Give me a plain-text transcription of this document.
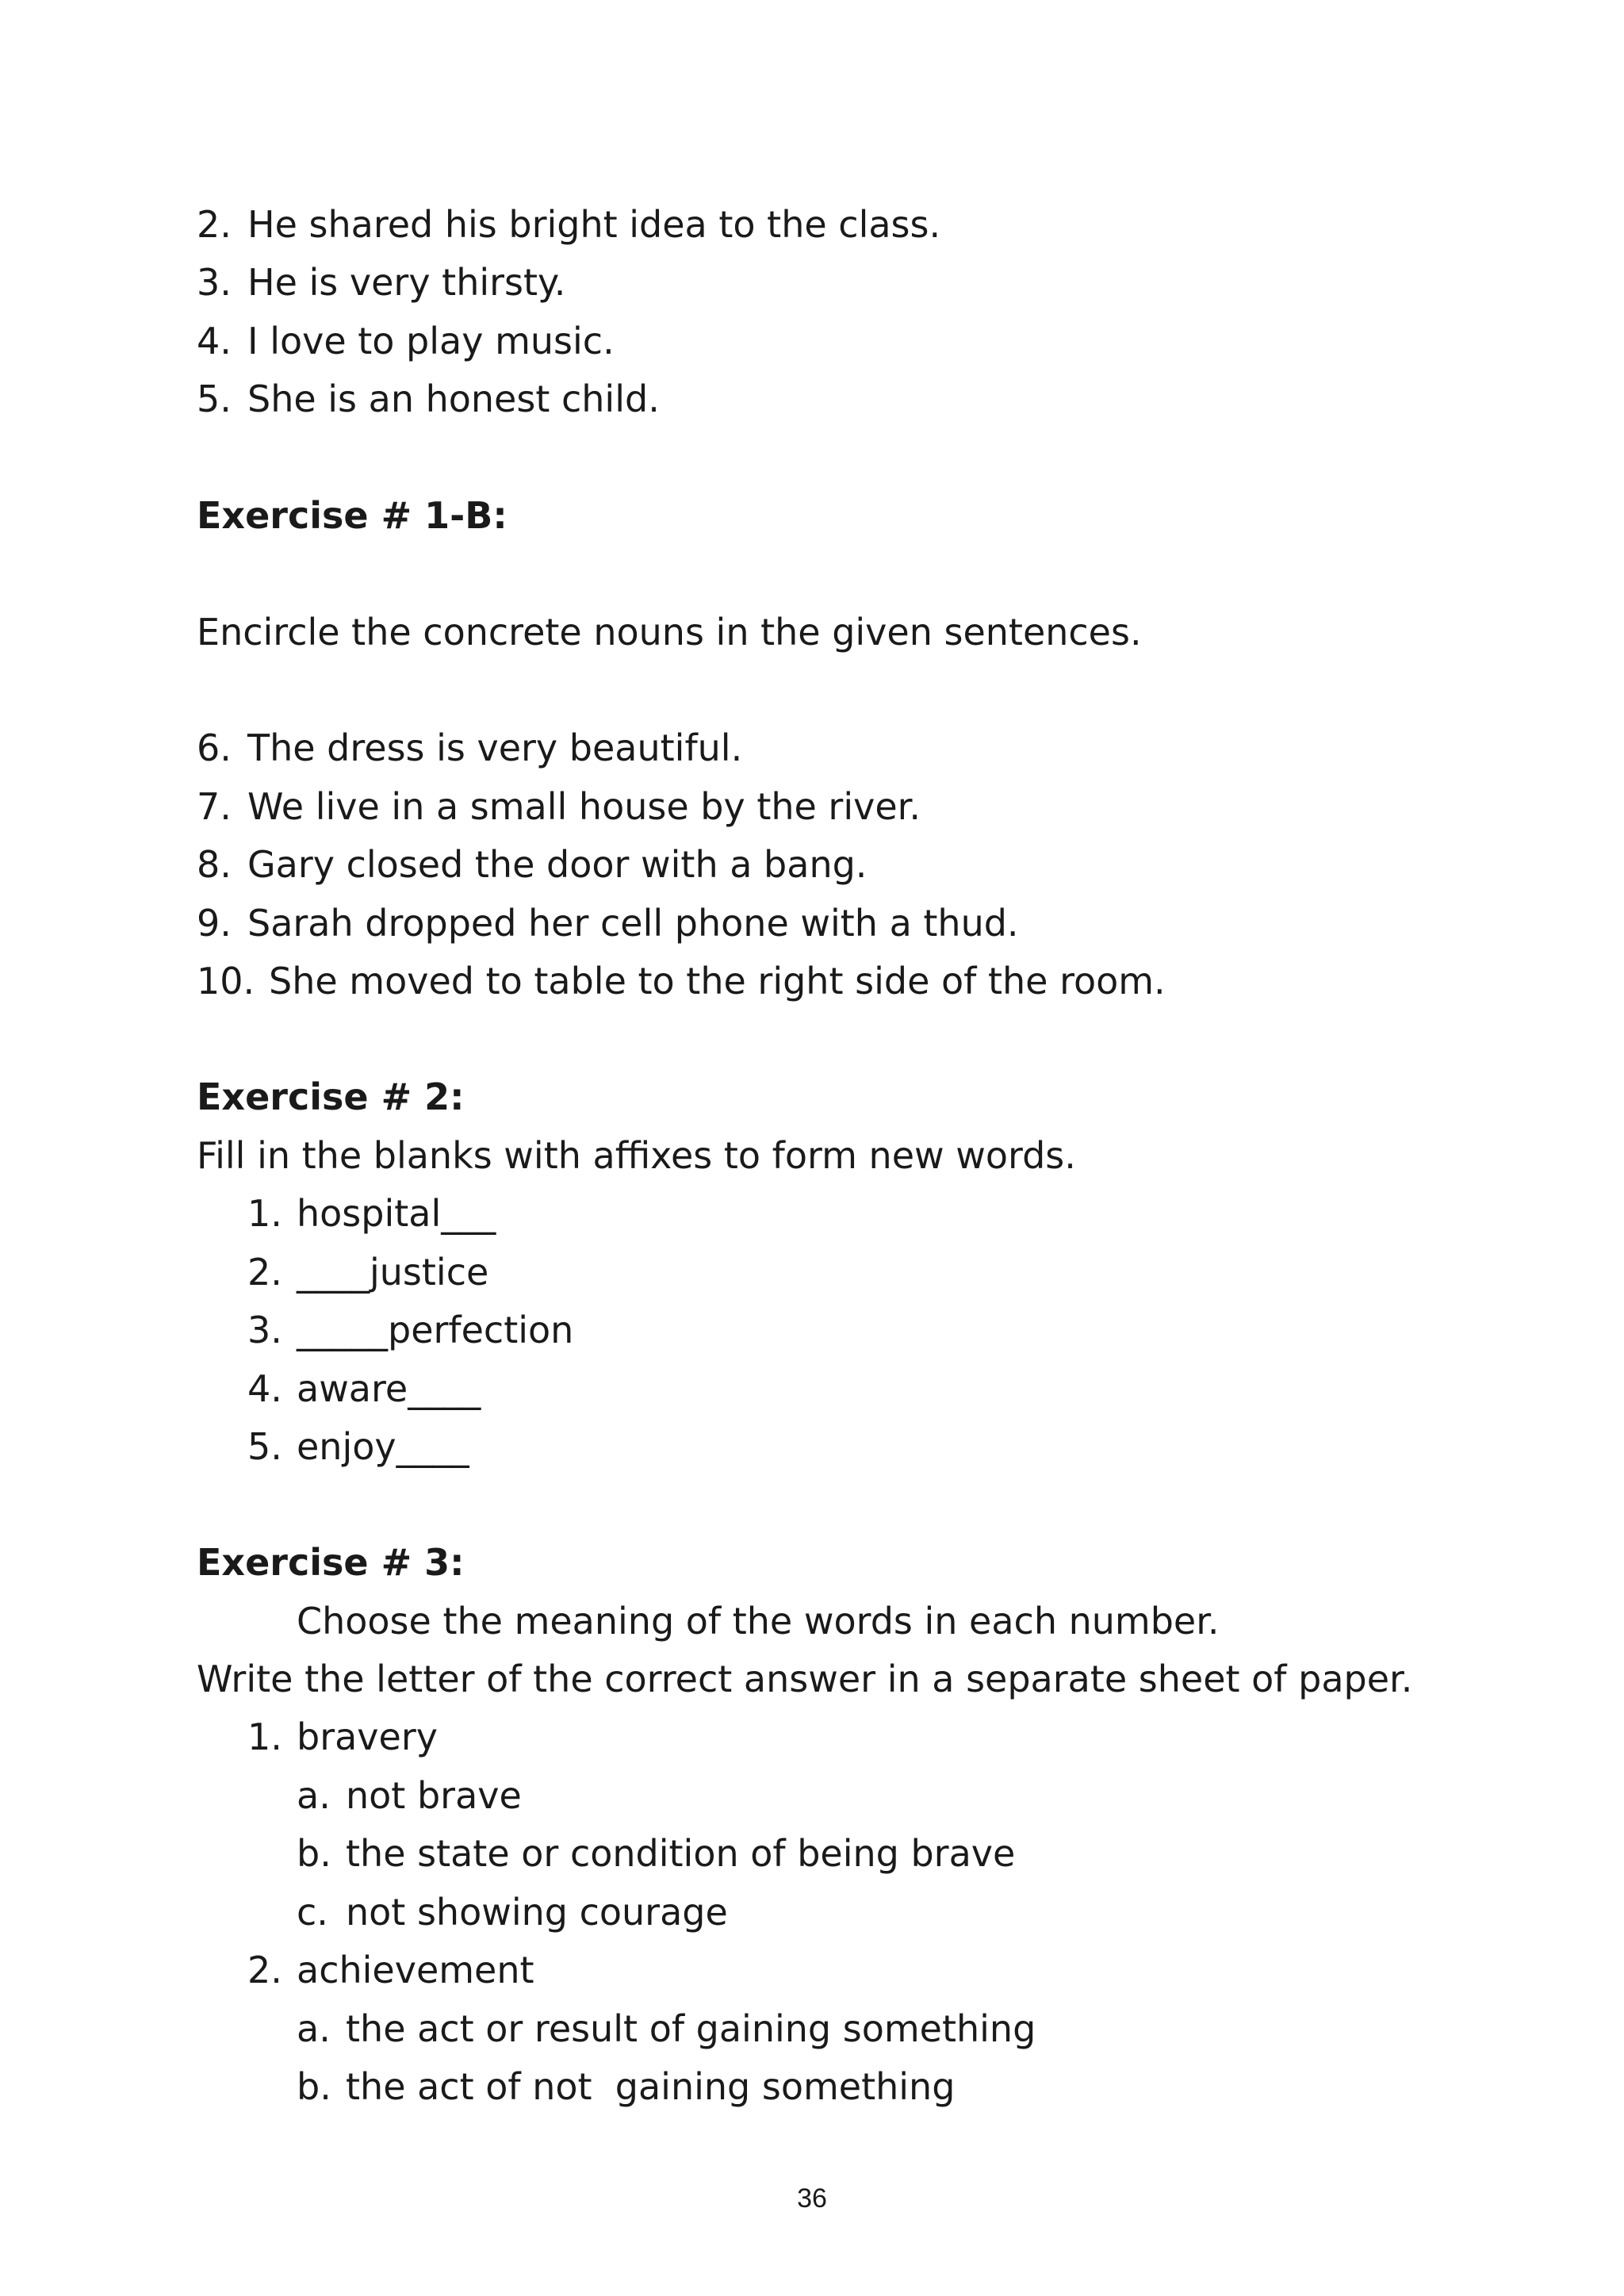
2. He shared his bright idea to the class.
3. He is very thirsty.
4. I love to play music.
5. She is an honest child.
Exercise # 1-B:
Encircle the concrete nouns in the given sentences.
6. The dress is very beautiful.
7. We live in a small house by the river.
8. Gary closed the door with a bang.
9. Sarah dropped her cell phone with a thud.
10. She moved to table to the right side of the room.
Exercise # 2:
Fill in the blanks with affixes to form new words.
1. hospital___
2. ____justice
3. _____perfection
4. aware____
5. enjoy____
Exercise # 3:
Choose the meaning of the words in each number.
Write the letter of the correct answer in a separate sheet of paper.
1. bravery
a. not brave
b. the state or condition of being brave
c. not showing courage
2. achievement
a. the act or result of gaining something
b. the act of not  gaining something
36
